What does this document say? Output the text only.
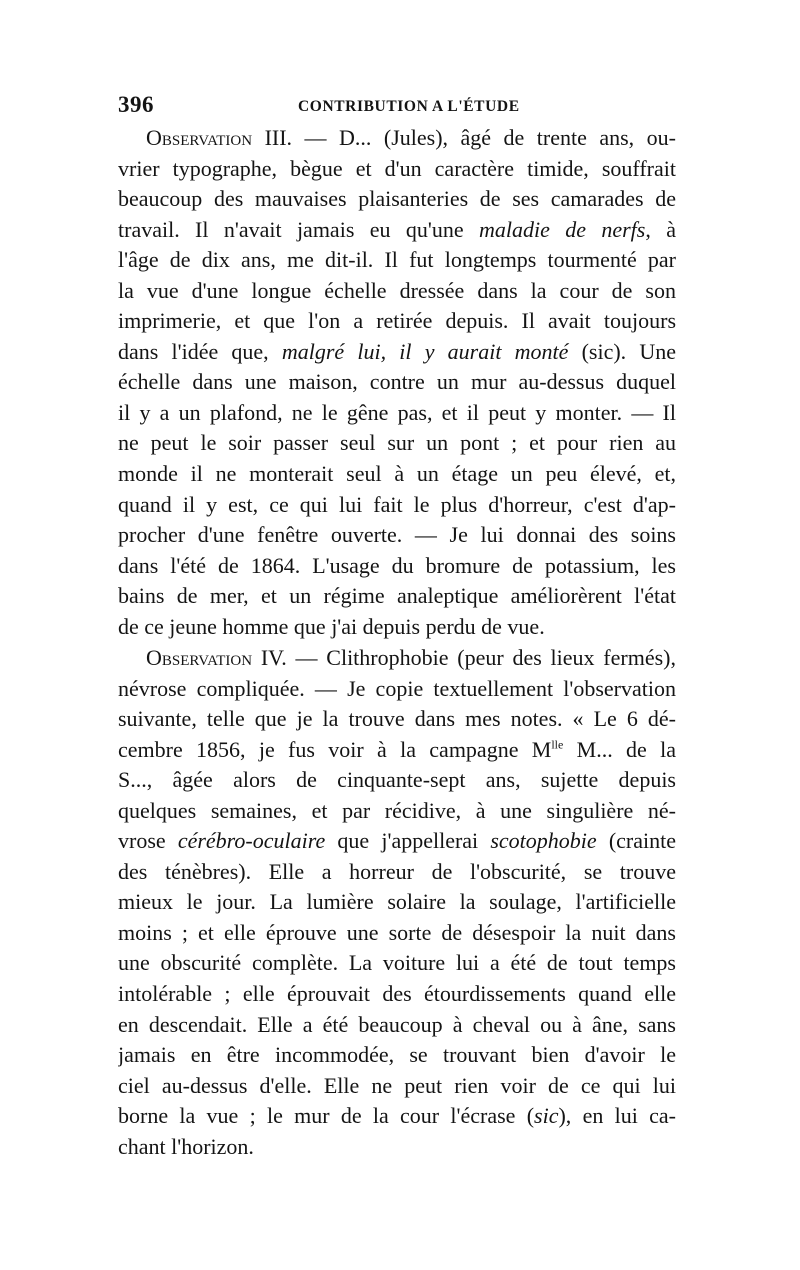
396	CONTRIBUTION A L'ÉTUDE
Observation III. — D... (Jules), âgé de trente ans, ou-
vrier typographe, bègue et d'un caractère timide, souffrait
beaucoup des mauvaises plaisanteries de ses camarades de
travail. Il n'avait jamais eu qu'une maladie de nerfs, à
l'âge de dix ans, me dit-il. Il fut longtemps tourmenté par
la vue d'une longue échelle dressée dans la cour de son
imprimerie, et que l'on a retirée depuis. Il avait toujours
dans l'idée que, malgré lui, il y aurait monté (sic). Une
échelle dans une maison, contre un mur au-dessus duquel
il y a un plafond, ne le gêne pas, et il peut y monter. — Il
ne peut le soir passer seul sur un pont ; et pour rien au
monde il ne monterait seul à un étage un peu élevé, et,
quand il y est, ce qui lui fait le plus d'horreur, c'est d'ap-
procher d'une fenêtre ouverte. — Je lui donnai des soins
dans l'été de 1864. L'usage du bromure de potassium, les
bains de mer, et un régime analeptique améliorèrent l'état
de ce jeune homme que j'ai depuis perdu de vue.
Observation IV. — Clithrophobie (peur des lieux fermés),
névrose compliquée. — Je copie textuellement l'observation
suivante, telle que je la trouve dans mes notes. « Le 6 dé-
cembre 1856, je fus voir à la campagne $M^{lle}$ M... de la
S..., âgée alors de cinquante-sept ans, sujette depuis
quelques semaines, et par récidive, à une singulière né-
vrose cérébro-oculaire que j'appellerai scotophobie (crainte
des ténèbres). Elle a horreur de l'obscurité, se trouve
mieux le jour. La lumière solaire la soulage, l'artificielle
moins ; et elle éprouve une sorte de désespoir la nuit dans
une obscurité complète. La voiture lui a été de tout temps
intolérable ; elle éprouvait des étourdissements quand elle
en descendait. Elle a été beaucoup à cheval ou à âne, sans
jamais en être incommodée, se trouvant bien d'avoir le
ciel au-dessus d'elle. Elle ne peut rien voir de ce qui lui
borne la vue ; le mur de la cour l'écrase (sic), en lui ca-
chant l'horizon.
